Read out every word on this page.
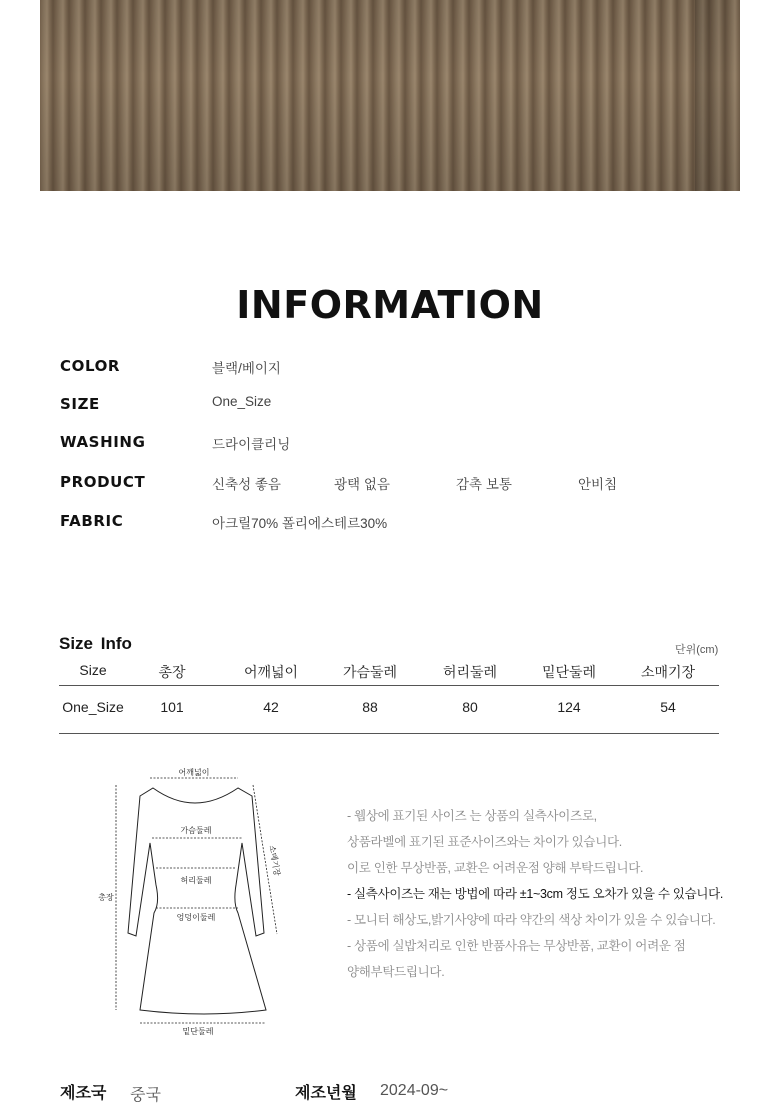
INFORMATION
COLOR	블랙/베이지
SIZE	One_Size
WASHING	드라이클리닝
PRODUCT	신축성 좋음	광택 없음	감촉 보통	안비침
FABRIC	아크릴70% 폴리에스테르30%
Size Info	단위(cm)
Size	총장	어깨넓이	가슴둘레	허리둘레	밑단둘레	소매기장
One_Size	101	42	88	80	124	54
어깨넓이
가슴둘레
허리둘레
엉덩이둘레
밑단둘레
총장
소매기장
- 웹상에 표기된 사이즈 는 상품의 실측사이즈로,
상품라벨에 표기된 표준사이즈와는 차이가 있습니다.
이로 인한 무상반품, 교환은 어려운점 양해 부탁드립니다.
- 실측사이즈는 재는 방법에 따라 ±1~3cm 정도 오차가 있을 수 있습니다.
- 모니터 해상도,밝기사양에 따라 약간의 색상 차이가 있을 수 있습니다.
- 상품에 실밥처리로 인한 반품사유는 무상반품, 교환이 어려운 점
양해부탁드립니다.
제조국 중국	제조년월 2024-09~
